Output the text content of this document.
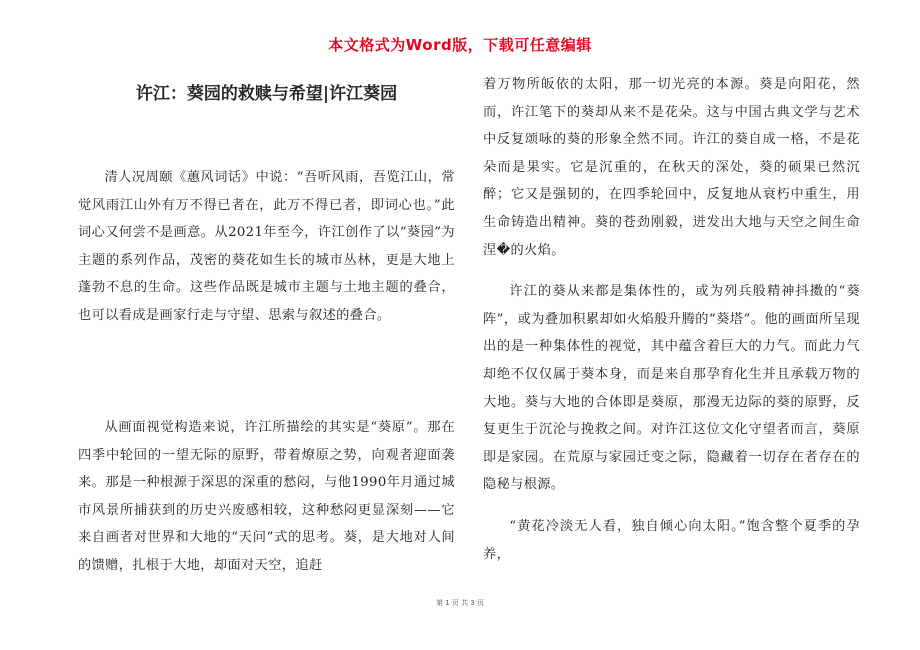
本文格式为Word版，下载可任意编辑
许江：葵园的救赎与希望|许江葵园

清人况周颐《蕙风词话》中说：“吾听风雨，吾览江山，常觉风雨江山外有万不得已者在，此万不得已者，即词心也。”此词心又何尝不是画意。从2021年至今，许江创作了以“葵园”为主题的系列作品，茂密的葵花如生长的城市丛林，更是大地上蓬勃不息的生命。这些作品既是城市主题与土地主题的叠合，也可以看成是画家行走与守望、思索与叙述的叠合。

从画面视觉构造来说，许江所描绘的其实是“葵原”。那在四季中轮回的一望无际的原野，带着燎原之势，向观者迎面袭来。那是一种根源于深思的深重的愁闷，与他1990年月通过城市风景所捕获到的历史兴废感相较，这种愁闷更显深刻——它来自画者对世界和大地的“天问”式的思考。葵，是大地对人间的馈赠，扎根于大地，却面对天空，追赶

着万物所皈依的太阳，那一切光亮的本源。葵是向阳花，然而，许江笔下的葵却从来不是花朵。这与中国古典文学与艺术中反复颂咏的葵的形象全然不同。许江的葵自成一格，不是花朵而是果实。它是沉重的，在秋天的深处，葵的硕果已然沉醉；它又是强韧的，在四季轮回中，反复地从衰朽中重生，用生命铸造出精神。葵的苍劲刚毅，迸发出大地与天空之间生命涅�的火焰。

许江的葵从来都是集体性的，或为列兵般精神抖擞的“葵阵”，或为叠加积累却如火焰般升腾的“葵塔”。他的画面所呈现出的是一种集体性的视觉，其中蕴含着巨大的力气。而此力气却绝不仅仅属于葵本身，而是来自那孕育化生并且承载万物的大地。葵与大地的合体即是葵原，那漫无边际的葵的原野，反复更生于沉沦与挽救之间。对许江这位文化守望者而言，葵原即是家园。在荒原与家园迁变之际，隐藏着一切存在者存在的隐秘与根源。

“黄花冷淡无人看，独自倾心向太阳。”饱含整个夏季的孕养，

第 1 页 共 3 页
